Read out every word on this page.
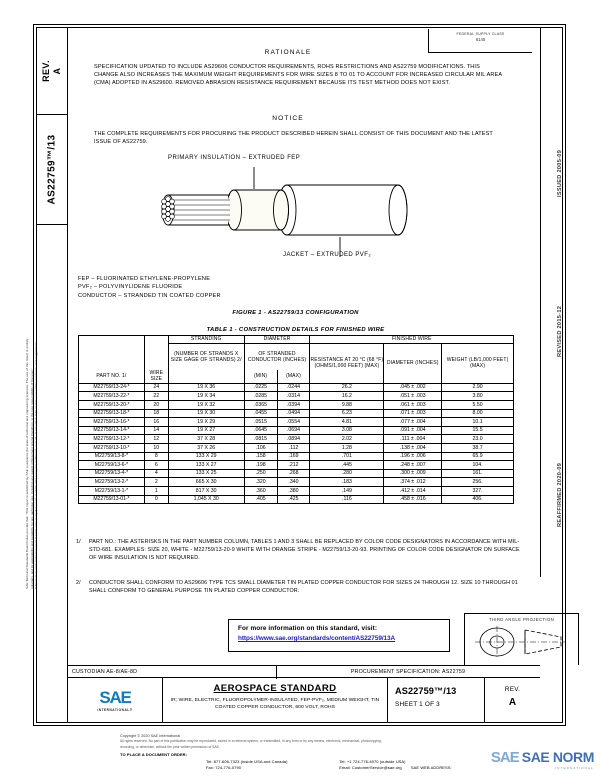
SAE Technical Standards Board Rules provide that: “This report is published by SAE to advance the state of technical and engineering sciences. The use of this report is entirely voluntary, and its applicability and suitability for any particular use, including any patent infringement arising therefrom, is the sole responsibility of the user.” SAE reviews each technical report at least once every five years at which time it may be reaffirmed, revised, or cancelled. SAE invites your written comments and suggestions.
REV.
A
AS22759™/13	ISSUED 2005-09
REVISED 2015-12
REAFFIRMED 2020-09
FEDERAL SUPPLY CLASS
6145
RATIONALE
SPECIFICATION UPDATED TO INCLUDE AS29606 CONDUCTOR REQUIREMENTS, ROHS RESTRICTIONS AND AS22759 MODIFICATIONS. THIS CHANGE ALSO INCREASES THE MAXIMUM WEIGHT REQUIREMENTS FOR WIRE SIZES 8 TO 01 TO ACCOUNT FOR INCREASED CIRCULAR MIL AREA (CMA) ADOPTED IN AS29600. REMOVED ABRASION RESISTANCE REQUIREMENT BECAUSE ITS TEST METHOD DOES NOT EXIST.
NOTICE
THE COMPLETE REQUIREMENTS FOR PROCURING THE PRODUCT DESCRIBED HEREIN SHALL CONSIST OF THIS DOCUMENT AND THE LATEST ISSUE OF AS22759.
PRIMARY INSULATION – EXTRUDED FEP
JACKET – EXTRUDED PVF₂
FEP – FLUORINATED ETHYLENE-PROPYLENE
PVF₂ – POLYVINYLIDENE FLUORIDE
CONDUCTOR – STRANDED TIN COATED COPPER
FIGURE 1 - AS22759/13 CONFIGURATION
TABLE 1 - CONSTRUCTION DETAILS FOR FINISHED WIRE
		STRANDING	DIAMETER		FINISHED WIRE		
		(NUMBER OF STRANDS X SIZE GAGE OF STRANDS) 2/	OF STRANDED CONDUCTOR (INCHES)		RESISTANCE AT 20 °C (68 °F) (OHMS/1,000 FEET) (MAX)	DIAMETER (INCHES)	WEIGHT (LB/1,000 FEET) (MAX)
PART NO. 1/	WIRE SIZE		(MIN)	(MAX)			
M22759/13-24-*	24	19 X 36	.0225	.0244	26.2	.045 ± .002	2.90
M22759/13-22-*	22	19 X 34	.0285	.0314	16.2	.051 ± .003	3.80
M22759/13-20-*	20	19 X 32	.0365	.0394	9.88	.061 ± .003	5.50
M22759/13-18-*	18	19 X 30	.0455	.0494	6.23	.071 ± .003	8.00
M22759/13-16-*	16	19 X 29	.0515	.0554	4.81	.077 ± .004	10.1
M22759/13-14-*	14	19 X 27	.0645	.0694	3.08	.091 ± .004	15.5
M22759/13-12-*	12	37 X 28	.0815	.0894	2.02	.111 ± .004	23.0
M22759/13-10-*	10	37 X 26	.106	.112	1.28	.138 ± .004	38.7
M22759/13-8-*	8	133 X 29	.158	.169	.701	.196 ± .006	65.9
M22759/13-6-*	6	133 X 27	.198	.212	.445	.248 ± .007	104.
M22759/13-4-*	4	133 X 25	.250	.268	.280	.300 ± .009	161.
M22759/13-2-*	2	665 X 30	.320	.340	.183	.374 ± .012	256.
M22759/13-1-*	1	817 X 30	.360	.380	.149	.412 ± .014	327.
M22759/13-01-*	0	1,045 X 30	.405	.425	.116	.458 ± .016	406.
1/	PART NO.: THE ASTERISKS IN THE PART NUMBER COLUMN, TABLES 1 AND 3 SHALL BE REPLACED BY COLOR CODE DESIGNATORS IN ACCORDANCE WITH MIL-STD-681. EXAMPLES: SIZE 20, WHITE - M22759/13-20-9 WHITE WITH ORANGE STRIPE - M22759/13-20-93. PRINTING OF COLOR CODE DESIGNATOR ON SURFACE OF WIRE INSULATION IS NOT REQUIRED.
2/	CONDUCTOR SHALL CONFORM TO AS29606 TYPE TCS SMALL DIAMETER TIN PLATED COPPER CONDUCTOR FOR SIZES 24 THROUGH 12. SIZE 10 THROUGH 01 SHALL CONFORM TO GENERAL PURPOSE TIN PLATED COPPER CONDUCTOR.
For more information on this standard, visit:
https://www.sae.org/standards/content/AS22759/13A
THIRD ANGLE PROJECTION
CUSTODIAN AE-8/AE-8D	PROCUREMENT SPECIFICATION: AS22759
SAE
INTERNATIONAL®
AEROSPACE STANDARD
IR; WIRE, ELECTRIC, FLUOROPOLYMER-INSULATED, FEP-PVF₂, MEDIUM WEIGHT, TIN COATED COPPER CONDUCTOR, 600 VOLT, ROHS
AS22759™/13
SHEET 1 OF 3
REV.
A
Copyright © 2020 SAE International
All rights reserved. No part of this publication may be reproduced, stored in a retrieval system, or transmitted, in any form or by any means, electronic, mechanical, photocopying,
recording, or otherwise, without the prior written permission of SAE.
TO PLACE A DOCUMENT ORDER:
Tel: 877-606-7323 (inside USA and Canada)
Fax: 724-776-0790
Tel: +1 724-776-4970 (outside USA)
Email: CustomerService@sae.org SAE WEB ADDRESS:
SAE SAE NORM
INTERNATIONAL
